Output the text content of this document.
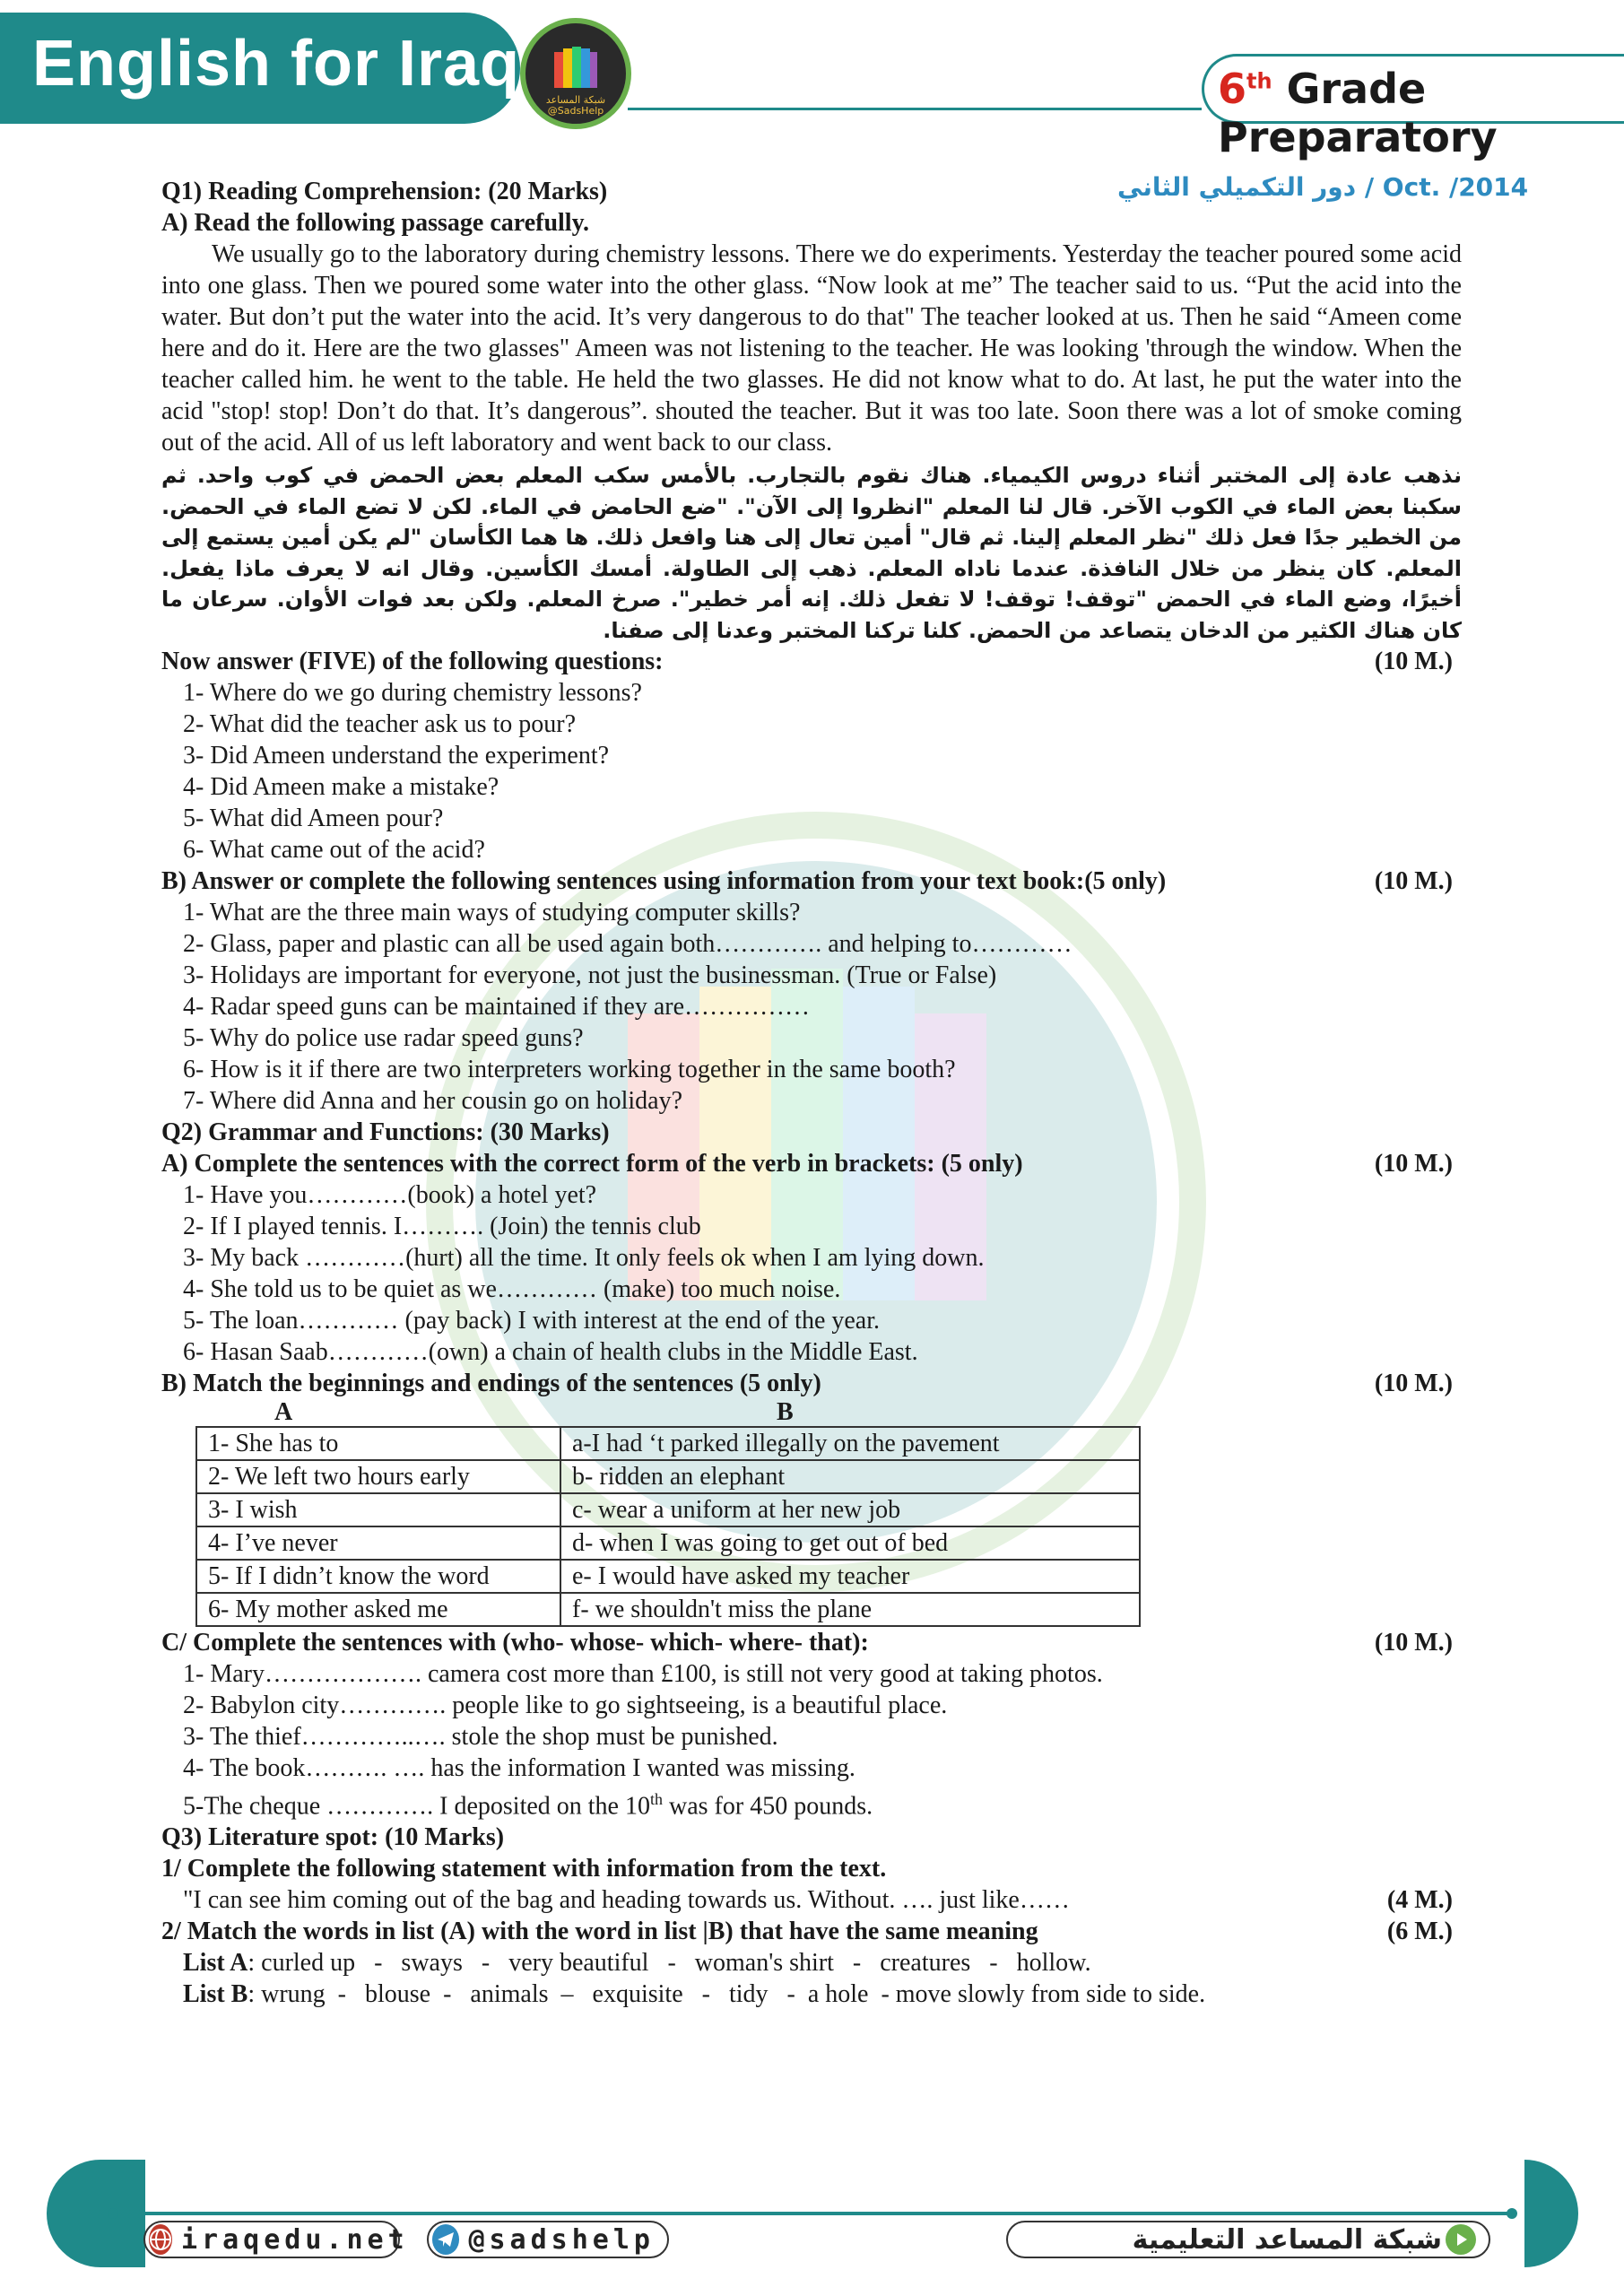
English for Iraq
شبكة المساعد
@SadsHelp	6th Grade Preparatory
دور التكميلي الثاني / Oct. /2014

Q1) Reading Comprehension: (20 Marks)

A) Read the following passage carefully.

We usually go to the laboratory during chemistry lessons. There we do experiments. Yesterday the teacher poured some acid into one glass. Then we poured some water into the other glass. “Now look at me” The teacher said to us. “Put the acid into the water. But don’t put the water into the acid. It’s very dangerous to do that" The teacher looked at us. Then he said “Ameen come here and do it. Here are the two glasses" Ameen was not listening to the teacher. He was looking 'through the window. When the teacher called him. he went to the table. He held the two glasses. He did not know what to do. At last, he put the water into the acid "stop! stop! Don’t do that. It’s dangerous”. shouted the teacher. But it was too late. Soon there was a lot of smoke coming out of the acid. All of us left laboratory and went back to our class.

نذهب عادة إلى المختبر أثناء دروس الكيمياء. هناك نقوم بالتجارب. بالأمس سكب المعلم بعض الحمض في كوب واحد. ثم سكبنا بعض الماء في الكوب الآخر. قال لنا المعلم "انظروا إلى الآن". "ضع الحامض في الماء. لكن لا تضع الماء في الحمض. من الخطير جدًا فعل ذلك "نظر المعلم إلينا. ثم قال" أمين تعال إلى هنا وافعل ذلك. ها هما الكأسان "لم يكن أمين يستمع إلى المعلم. كان ينظر من خلال النافذة. عندما ناداه المعلم. ذهب إلى الطاولة. أمسك الكأسين. وقال انه لا يعرف ماذا يفعل. أخيرًا، وضع الماء في الحمض "توقف! توقف! لا تفعل ذلك. إنه أمر خطير". صرخ المعلم. ولكن بعد فوات الأوان. سرعان ما كان هناك الكثير من الدخان يتصاعد من الحمض. كلنا تركنا المختبر وعدنا إلى صفنا.

Now answer (FIVE) of the following questions:	(10 M.)

1- Where do we go during chemistry lessons?

2- What did the teacher ask us to pour?

3- Did Ameen understand the experiment?

4- Did Ameen make a mistake?

5- What did Ameen pour?

6- What came out of the acid?

B) Answer or complete the following sentences using information from your text book:(5 only)	(10 M.)

1- What are the three main ways of studying computer skills?

2- Glass, paper and plastic can all be used again both…………. and helping to…………

3- Holidays are important for everyone, not just the businessman. (True or False)

4- Radar speed guns can be maintained if they are……………

5- Why do police use radar speed guns?

6- How is it if there are two interpreters working together in the same booth?

7- Where did Anna and her cousin go on holiday?

Q2) Grammar and Functions: (30 Marks)

A) Complete the sentences with the correct form of the verb in brackets: (5 only)	(10 M.)

1- Have you…………(book) a hotel yet?

2- If I played tennis. I………. (Join) the tennis club

3- My back …………(hurt) all the time. It only feels ok when I am lying down.

4- She told us to be quiet as we………… (make) too much noise.

5- The loan………… (pay back) I with interest at the end of the year.

6- Hasan Saab…………(own) a chain of health clubs in the Middle East.

B) Match the beginnings and endings of the sentences (5 only)	(10 M.)
A	B
1- She has to	a-I had ‘t parked illegally on the pavement
2- We left two hours early	b- ridden an elephant
3- I wish	c- wear a uniform at her new job
4- I’ve never	d- when I was going to get out of bed
5- If I didn’t know the word	e- I would have asked my teacher
6- My mother asked me	f- we shouldn't miss the plane
C/ Complete the sentences with (who- whose- which- where- that):	(10 M.)

1- Mary………………. camera cost more than £100, is still not very good at taking photos.

2- Babylon city…………. people like to go sightseeing, is a beautiful place.

3- The thief…………..…. stole the shop must be punished.

4- The book………. …. has the information I wanted was missing.

5-The cheque …………. I deposited on the 10th was for 450 pounds.

Q3) Literature spot: (10 Marks)

1/ Complete the following statement with information from the text.

"I can see him coming out of the bag and heading towards us. Without. …. just like……	(4 M.)
2/ Match the words in list (A) with the word in list |B) that have the same meaning	(6 M.)

List A: curled up   -   sways   -   very beautiful   -   woman's shirt   -   creatures   -   hollow.

List B: wrung  -   blouse  -   animals  –   exquisite   -   tidy   -  a hole  - move slowly from side to side.

iraqedu.net @sadshelp	شبكة المساعد التعليمية
